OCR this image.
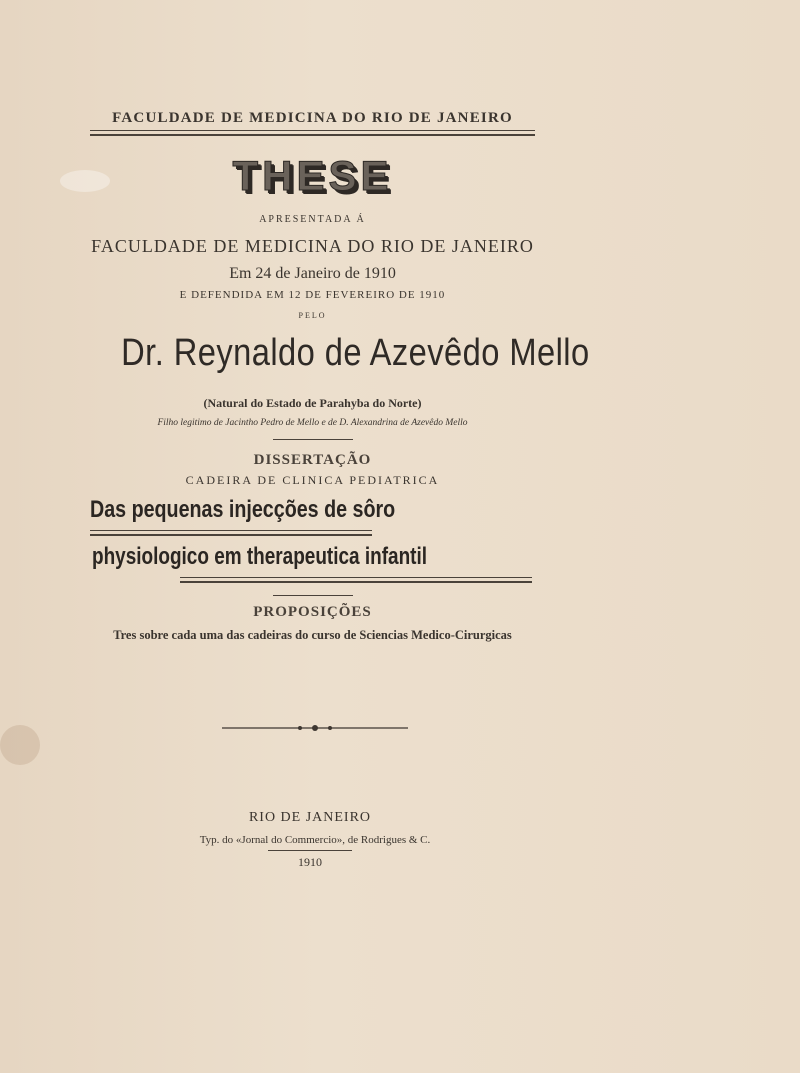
FACULDADE DE MEDICINA DO RIO DE JANEIRO
THESE
APRESENTADA Á
FACULDADE DE MEDICINA DO RIO DE JANEIRO
Em 24 de Janeiro de 1910
E DEFENDIDA EM 12 DE FEVEREIRO DE 1910
PELO
Dr. Reynaldo de Azevêdo Mello
(Natural do Estado de Parahyba do Norte)
Filho legitimo de Jacintho Pedro de Mello e de D. Alexandrina de Azevêdo Mello
DISSERTAÇÃO
CADEIRA DE CLINICA PEDIATRICA
Das pequenas injecções de sôro
physiologico em therapeutica infantil
PROPOSIÇÕES
Tres sobre cada uma das cadeiras do curso de Sciencias Medico-Cirurgicas
RIO DE JANEIRO
Typ. do «Jornal do Commercio», de Rodrigues & C.
1910
